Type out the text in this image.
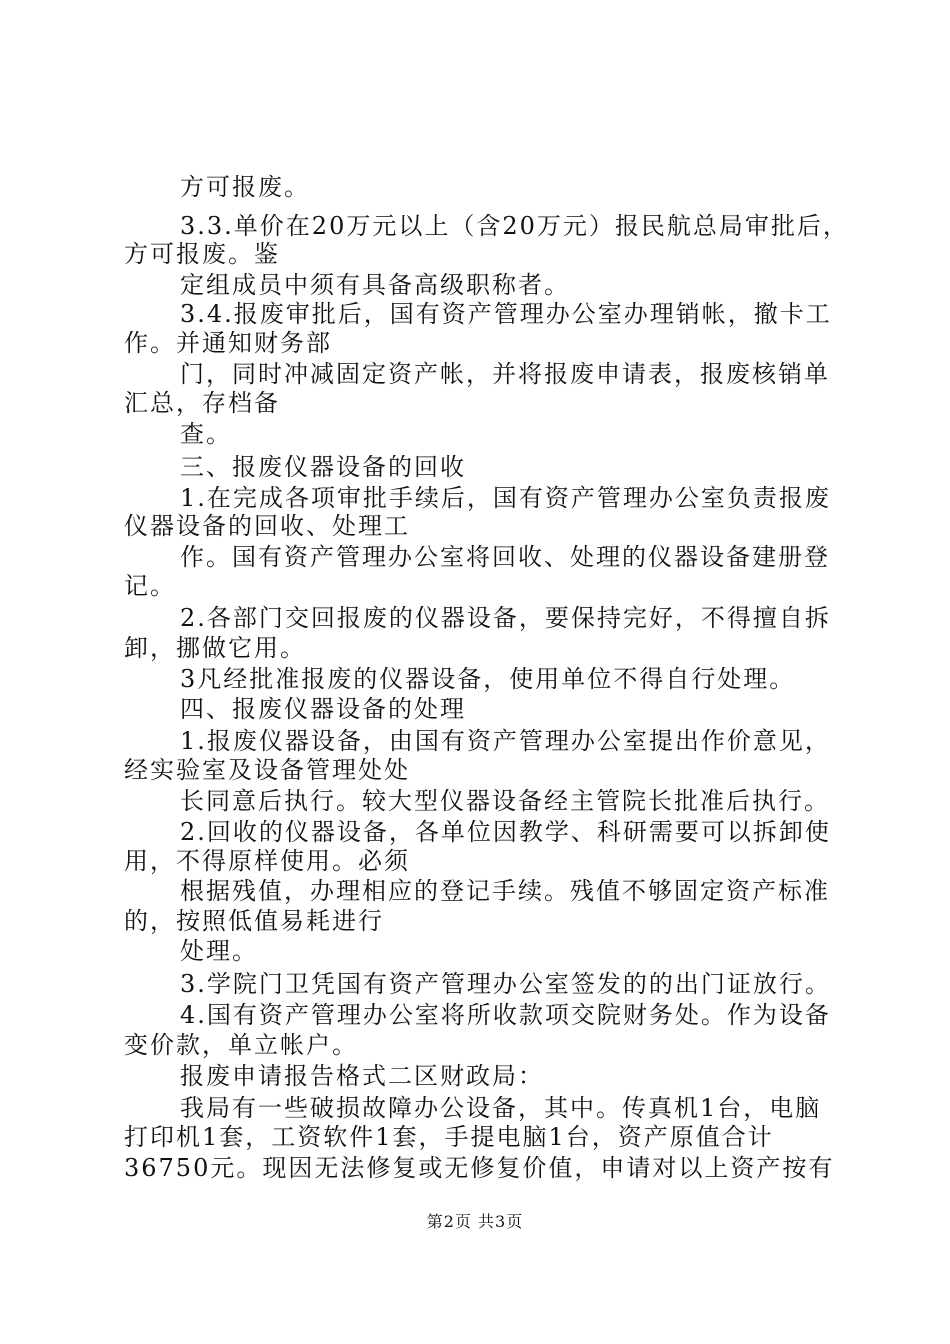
方可报废。
3.3.单价在20万元以上（含20万元）报民航总局审批后，
方可报废。鉴
定组成员中须有具备高级职称者。
3.4.报废审批后，国有资产管理办公室办理销帐，撤卡工
作。并通知财务部
门，同时冲减固定资产帐，并将报废申请表，报废核销单
汇总，存档备
查。
三、报废仪器设备的回收
1.在完成各项审批手续后，国有资产管理办公室负责报废
仪器设备的回收、处理工
作。国有资产管理办公室将回收、处理的仪器设备建册登
记。
2.各部门交回报废的仪器设备，要保持完好，不得擅自拆
卸，挪做它用。
3凡经批准报废的仪器设备，使用单位不得自行处理。
四、报废仪器设备的处理
1.报废仪器设备，由国有资产管理办公室提出作价意见，
经实验室及设备管理处处
长同意后执行。较大型仪器设备经主管院长批准后执行。
2.回收的仪器设备，各单位因教学、科研需要可以拆卸使
用，不得原样使用。必须
根据残值，办理相应的登记手续。残值不够固定资产标准
的，按照低值易耗进行
处理。
3.学院门卫凭国有资产管理办公室签发的的出门证放行。
4.国有资产管理办公室将所收款项交院财务处。作为设备
变价款，单立帐户。
报废申请报告格式二区财政局：
我局有一些破损故障办公设备，其中。传真机1台，电脑
打印机1套，工资软件1套，手提电脑1台，资产原值合计
36750元。现因无法修复或无修复价值，申请对以上资产按有
第2页 共3页
